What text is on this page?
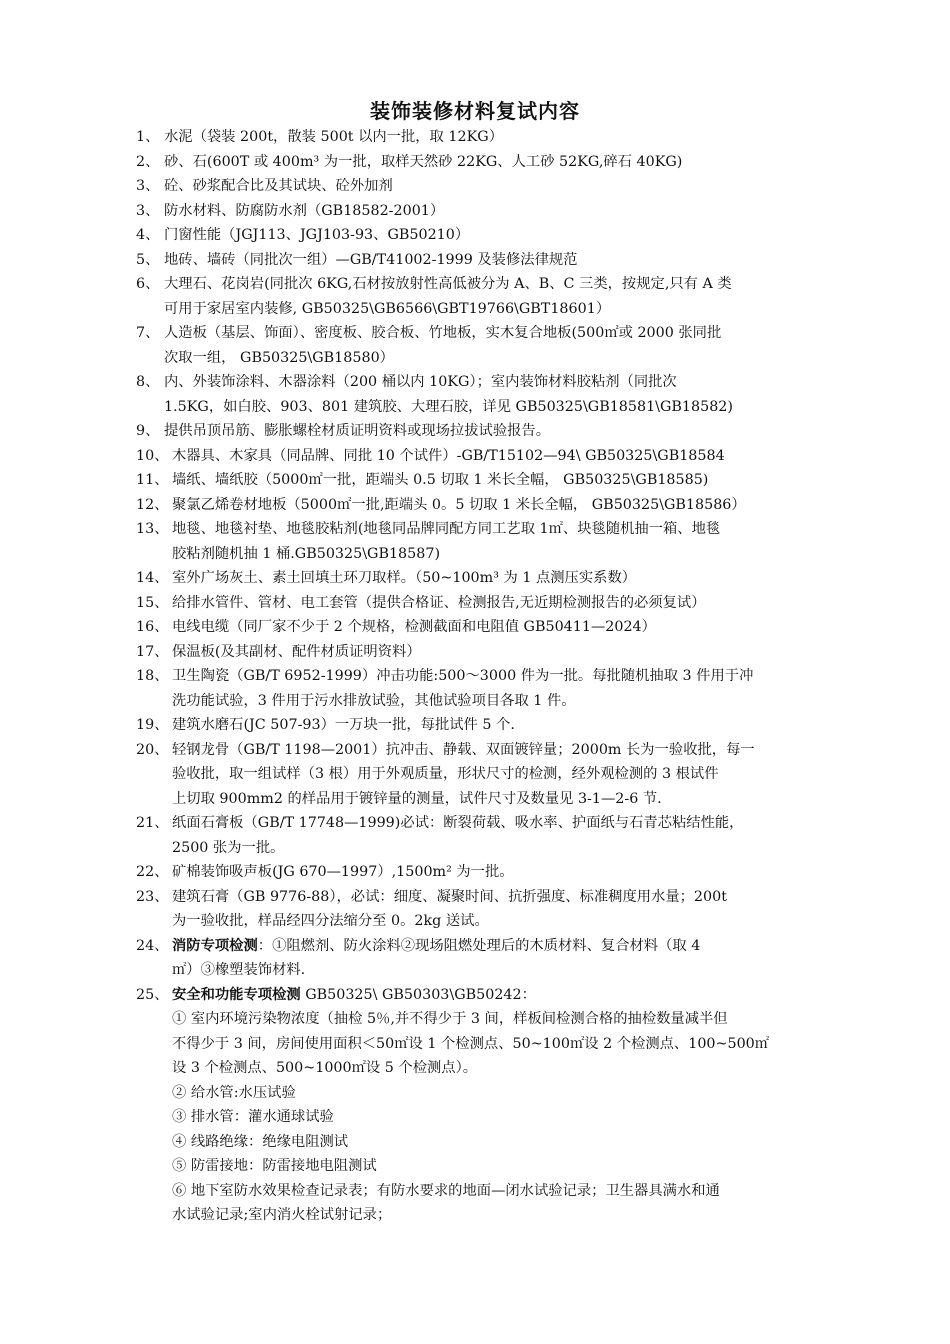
装饰装修材料复试内容
1、 水泥（袋装 200t，散装 500t 以内一批，取 12KG）
2、 砂、石(600T 或 400m³ 为一批，取样天然砂 22KG、人工砂 52KG,碎石 40KG)
3、 砼、砂浆配合比及其试块、砼外加剂
3、 防水材料、防腐防水剂（GB18582-2001）
4、 门窗性能（JGJ113、JGJ103-93、GB50210）
5、 地砖、墙砖（同批次一组）—GB/T41002-1999 及装修法律规范
6、 大理石、花岗岩(同批次 6KG,石材按放射性高低被分为 A、B、C 三类，按规定,只有 A 类
可用于家居室内装修, GB50325\GB6566\GBT19766\GBT18601）
7、 人造板（基层、饰面）、密度板、胶合板、竹地板，实木复合地板(500㎡或 2000 张同批
次取一组， GB50325\GB18580）
8、 内、外装饰涂料、木器涂料（200 桶以内 10KG）；室内装饰材料胶粘剂（同批次
1.5KG，如白胶、903、801 建筑胶、大理石胶，详见 GB50325\GB18581\GB18582)
9、 提供吊顶吊筋、膨胀螺栓材质证明资料或现场拉拔试验报告。
10、 木器具、木家具（同品牌、同批 10 个试件）-GB/T15102—94\ GB50325\GB18584
11、 墙纸、墙纸胶（5000㎡一批，距端头 0.5 切取 1 米长全幅， GB50325\GB18585)
12、 聚氯乙烯卷材地板（5000㎡一批,距端头 0。5 切取 1 米长全幅， GB50325\GB18586）
13、 地毯、地毯衬垫、地毯胶粘剂(地毯同品牌同配方同工艺取 1㎡、块毯随机抽一箱、地毯
胶粘剂随机抽 1 桶.GB50325\GB18587)
14、 室外广场灰土、素土回填土环刀取样。（50~100m³ 为 1 点测压实系数）
15、 给排水管件、管材、电工套管（提供合格证、检测报告,无近期检测报告的必须复试）
16、 电线电缆（同厂家不少于 2 个规格，检测截面和电阻值 GB50411—2024）
17、 保温板(及其副材、配件材质证明资料）
18、 卫生陶瓷（GB/T 6952-1999）冲击功能:500～3000 件为一批。每批随机抽取 3 件用于冲
洗功能试验，3 件用于污水排放试验，其他试验项目各取 1 件。
19、 建筑水磨石(JC 507-93）一万块一批，每批试件 5 个.
20、 轻钢龙骨（GB/T 1198—2001）抗冲击、静载、双面镀锌量；2000m 长为一验收批，每一
验收批，取一组试样（3 根）用于外观质量，形状尺寸的检测，经外观检测的 3 根试件
上切取 900mm2 的样品用于镀锌量的测量，试件尺寸及数量见 3-1—2-6 节.
21、 纸面石膏板（GB/T 17748—1999)必试：断裂荷载、吸水率、护面纸与石青芯粘结性能，
2500 张为一批。
22、 矿棉装饰吸声板(JG 670—1997）,1500m² 为一批。
23、 建筑石膏（GB 9776-88），必试：细度、凝聚时间、抗折强度、标准稠度用水量；200t
为一验收批，样品经四分法缩分至 0。2kg 送试。
24、 消防专项检测：①阻燃剂、防火涂料②现场阻燃处理后的木质材料、复合材料（取 4
㎡）③橡塑装饰材料.
25、 安全和功能专项检测 GB50325\ GB50303\GB50242：
① 室内环境污染物浓度（抽检 5％,并不得少于 3 间，样板间检测合格的抽检数量减半但
不得少于 3 间，房间使用面积＜50㎡设 1 个检测点、50~100㎡设 2 个检测点、100~500㎡
设 3 个检测点、500~1000㎡设 5 个检测点）。
② 给水管:水压试验
③ 排水管：灌水通球试验
④ 线路绝缘：绝缘电阻测试
⑤ 防雷接地：防雷接地电阻测试
⑥ 地下室防水效果检查记录表；有防水要求的地面—闭水试验记录；卫生器具满水和通
水试验记录;室内消火栓试射记录；
